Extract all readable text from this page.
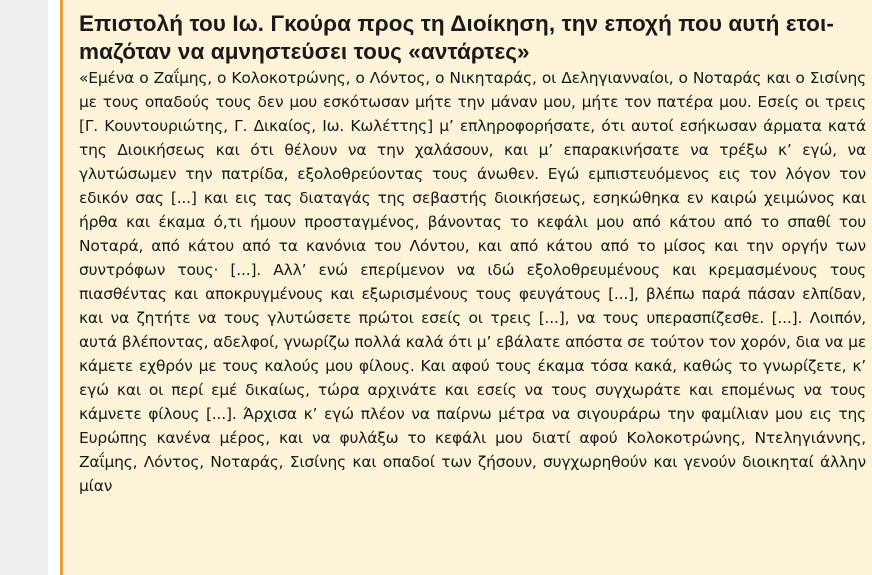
Επιστολή του Ιω. Γκούρα προς τη Διοίκηση, την εποχή που αυτή ετοιmαζόταν να αμνηστεύσει τους «αντάρτες»

«Εμένα ο Ζαΐμης, ο Κολοκοτρώνης, ο Λόντος, ο Νικηταράς, οι Δεληγιανναίοι, ο Νοταράς και ο Σισίνης με τους οπαδούς τους δεν μου εσκότωσαν μήτε την μάναν μου, μήτε τον πατέρα μου. Εσείς οι τρεις [Γ. Κουντουριώτης, Γ. Δικαίος, Ιω. Κωλέττης] μ’ επληροφορήσατε, ότι αυτοί εσήκωσαν άρματα κατά της Διοικήσεως και ότι θέλουν να την χαλάσουν, και μ’ επαρακινήσατε να τρέξω κ’ εγώ, να γλυτώσωμεν την πατρίδα, εξολοθρεύοντας τους άνωθεν. Εγώ εμπιστευόμενος εις τον λόγον τον εδικόν σας [...] και εις τας διαταγάς της σεβαστής διοικήσεως, εσηκώθηκα εν καιρώ χειμώνος και ήρθα και έκαμα ό,τι ήμουν προσταγμένος, βάνοντας το κεφάλι μου από κάτου από το σπαθί του Νοταρά, από κάτου από τα κανόνια του Λόντου, και από κάτου από το μίσος και την οργήν των συντρόφων τους· [...]. Αλλ’ ενώ επερίμενον να ιδώ εξολοθρευμένους και κρεμασμένους τους πιασθέντας και αποκρυγμένους και εξωρισμένους τους φευγάτους [...], βλέπω παρά πάσαν ελπίδαν, και να ζητήτε να τους γλυτώσετε πρώτοι εσείς οι τρεις [...], να τους υπερασπίζεσθε. [...]. Λοιπόν, αυτά βλέποντας, αδελφοί, γνωρίζω πολλά καλά ότι μ’ εβάλατε απόστα σε τούτον τον χορόν, δια να με κάμετε εχθρόν με τους καλούς μου φίλους. Και αφού τους έκαμα τόσα κακά, καθώς το γνωρίζετε, κ’ εγώ και οι περί εμέ δικαίως, τώρα αρχινάτε και εσείς να τους συγχωράτε και επομένως να τους κάμνετε φίλους [...]. Άρχισα κ’ εγώ πλέον να παίρνω μέτρα να σιγουράρω την φαμίλιαν μου εις της Ευρώπης κανένα μέρος, και να φυλάξω το κεφάλι μου διατί αφού Κολοκοτρώνης, Ντεληγιάννης, Ζαΐμης, Λόντος, Νοταράς, Σισίνης και οπαδοί των ζήσουν, συγχωρηθούν και γενούν διοικηταί άλλην μίαν
